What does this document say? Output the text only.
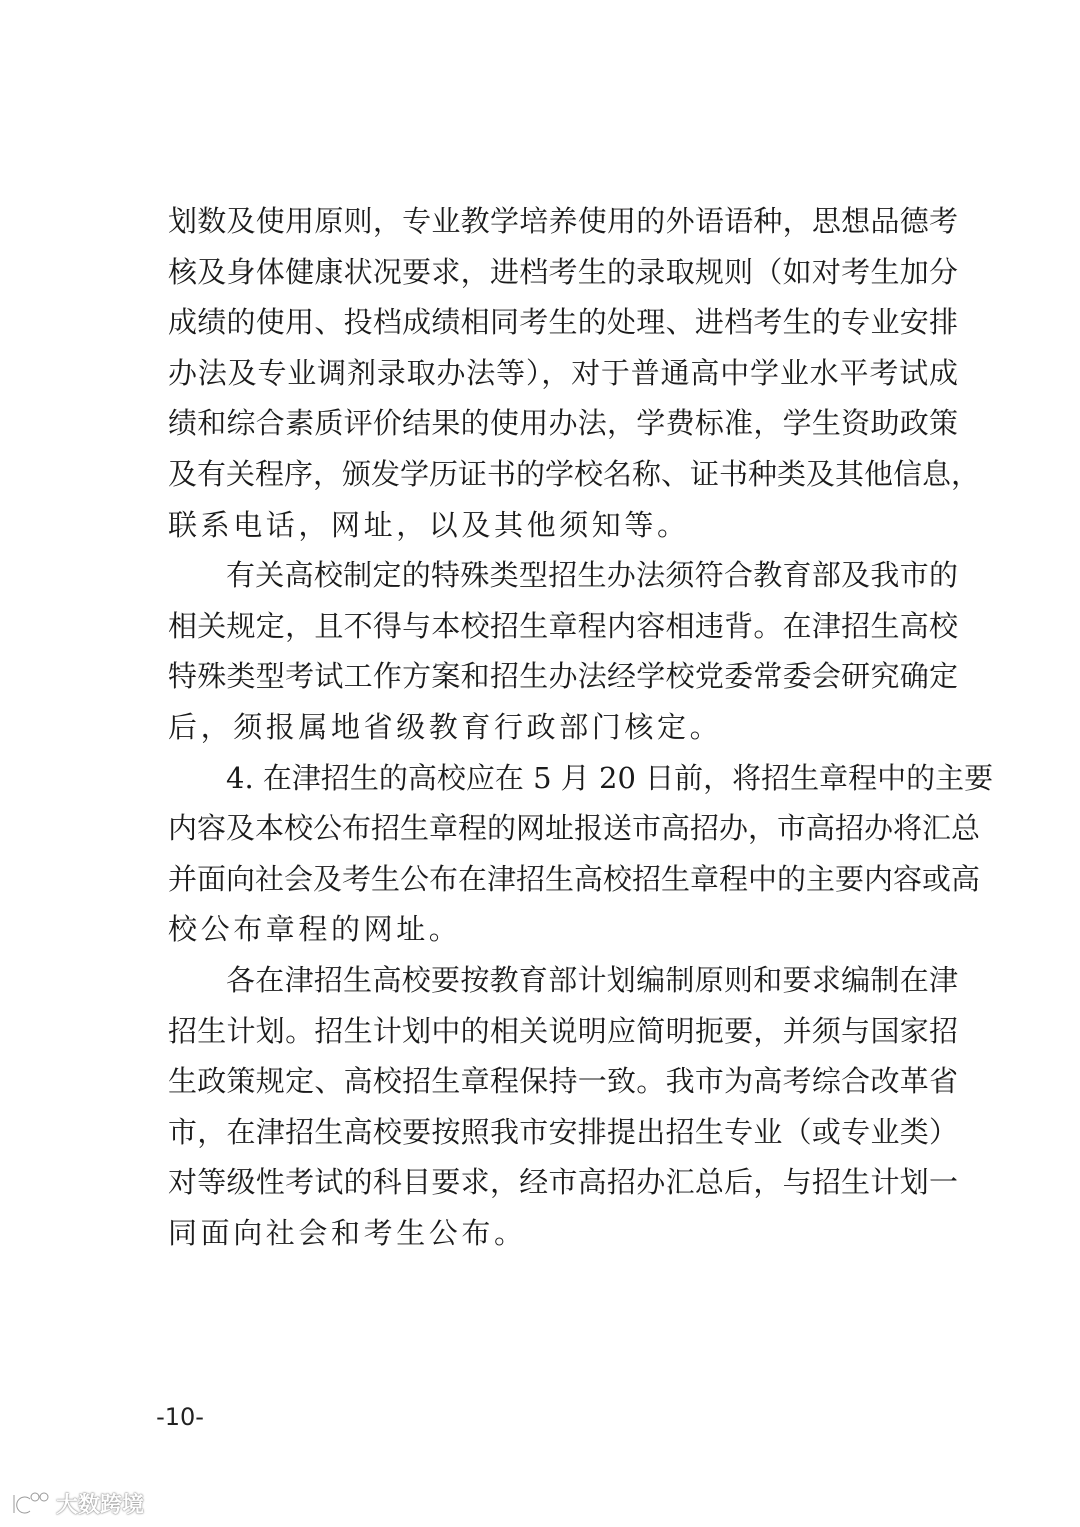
划数及使用原则，专业教学培养使用的外语语种，思想品德考
核及身体健康状况要求，进档考生的录取规则（如对考生加分
成绩的使用、投档成绩相同考生的处理、进档考生的专业安排
办法及专业调剂录取办法等），对于普通高中学业水平考试成
绩和综合素质评价结果的使用办法，学费标准，学生资助政策
及有关程序，颁发学历证书的学校名称、证书种类及其他信息，
联系电话，网址，以及其他须知等。
有关高校制定的特殊类型招生办法须符合教育部及我市的
相关规定，且不得与本校招生章程内容相违背。在津招生高校
特殊类型考试工作方案和招生办法经学校党委常委会研究确定
后，须报属地省级教育行政部门核定。
4. 在津招生的高校应在 5 月 20 日前，将招生章程中的主要
内容及本校公布招生章程的网址报送市高招办，市高招办将汇总
并面向社会及考生公布在津招生高校招生章程中的主要内容或高
校公布章程的网址。
各在津招生高校要按教育部计划编制原则和要求编制在津
招生计划。招生计划中的相关说明应简明扼要，并须与国家招
生政策规定、高校招生章程保持一致。我市为高考综合改革省
市，在津招生高校要按照我市安排提出招生专业（或专业类）
对等级性考试的科目要求，经市高招办汇总后，与招生计划一
同面向社会和考生公布。
-10-
大数跨境
